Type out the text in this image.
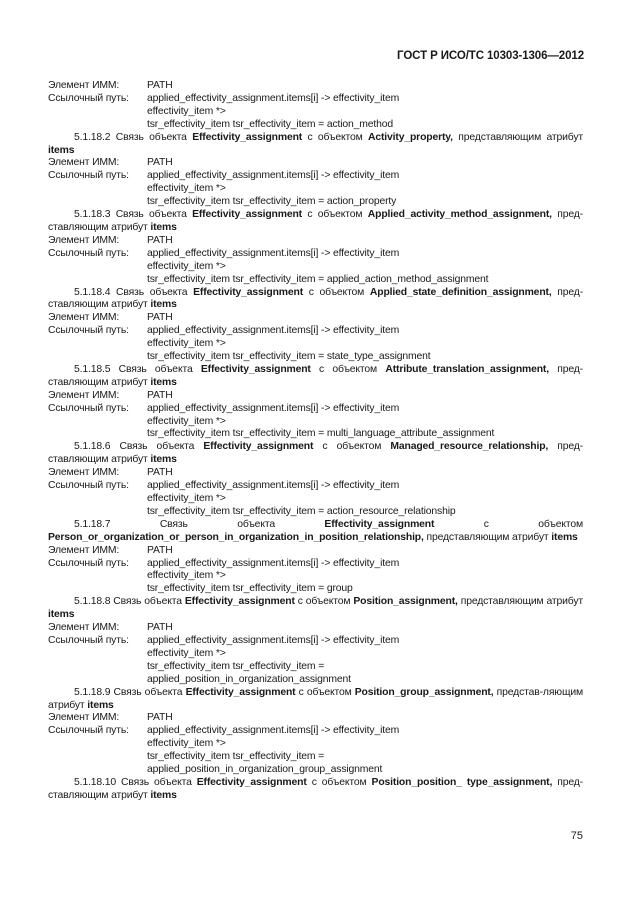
ГОСТ Р ИСО/ТС 10303-1306—2012
Элемент ИММ:	PATH
Ссылочный путь:	applied_effectivity_assignment.items[i] -> effectivity_item
effectivity_item *>
tsr_effectivity_item tsr_effectivity_item = action_method
5.1.18.2 Связь объекта Effectivity_assignment с объектом Activity_property, представляющим атрибут items
Элемент ИММ:	PATH
Ссылочный путь:	applied_effectivity_assignment.items[i] -> effectivity_item
effectivity_item *>
tsr_effectivity_item tsr_effectivity_item = action_property
5.1.18.3 Связь объекта Effectivity_assignment с объектом Applied_activity_method_assignment, пред-ставляющим атрибут items
Элемент ИММ:	PATH
Ссылочный путь:	applied_effectivity_assignment.items[i] -> effectivity_item
effectivity_item *>
tsr_effectivity_item tsr_effectivity_item = applied_action_method_assignment
5.1.18.4 Связь объекта Effectivity_assignment с объектом Applied_state_definition_assignment, пред-ставляющим атрибут items
Элемент ИММ:	PATH
Ссылочный путь:	applied_effectivity_assignment.items[i] -> effectivity_item
effectivity_item *>
tsr_effectivity_item tsr_effectivity_item = state_type_assignment
5.1.18.5 Связь объекта Effectivity_assignment с объектом Attribute_translation_assignment, пред-ставляющим атрибут items
Элемент ИММ:	PATH
Ссылочный путь:	applied_effectivity_assignment.items[i] -> effectivity_item
effectivity_item *>
tsr_effectivity_item tsr_effectivity_item = multi_language_attribute_assignment
5.1.18.6 Связь объекта Effectivity_assignment с объектом Managed_resource_relationship, пред-ставляющим атрибут items
Элемент ИММ:	PATH
Ссылочный путь:	applied_effectivity_assignment.items[i] -> effectivity_item
effectivity_item *>
tsr_effectivity_item tsr_effectivity_item = action_resource_relationship
5.1.18.7 Связь объекта Effectivity_assignment с объектом Person_or_organization_or_person_in_organization_in_position_relationship, представляющим атрибут items
Элемент ИММ:	PATH
Ссылочный путь:	applied_effectivity_assignment.items[i] -> effectivity_item
effectivity_item *>
tsr_effectivity_item tsr_effectivity_item = group
5.1.18.8 Связь объекта Effectivity_assignment с объектом Position_assignment, представляющим атрибут items
Элемент ИММ:	PATH
Ссылочный путь:	applied_effectivity_assignment.items[i] -> effectivity_item
effectivity_item *>
tsr_effectivity_item tsr_effectivity_item =
applied_position_in_organization_assignment
5.1.18.9 Связь объекта Effectivity_assignment с объектом Position_group_assignment, представ-ляющим атрибут items
Элемент ИММ:	PATH
Ссылочный путь:	applied_effectivity_assignment.items[i] -> effectivity_item
effectivity_item *>
tsr_effectivity_item tsr_effectivity_item =
applied_position_in_organization_group_assignment
5.1.18.10 Связь объекта Effectivity_assignment с объектом Position_position_ type_assignment, пред-ставляющим атрибут items
75
